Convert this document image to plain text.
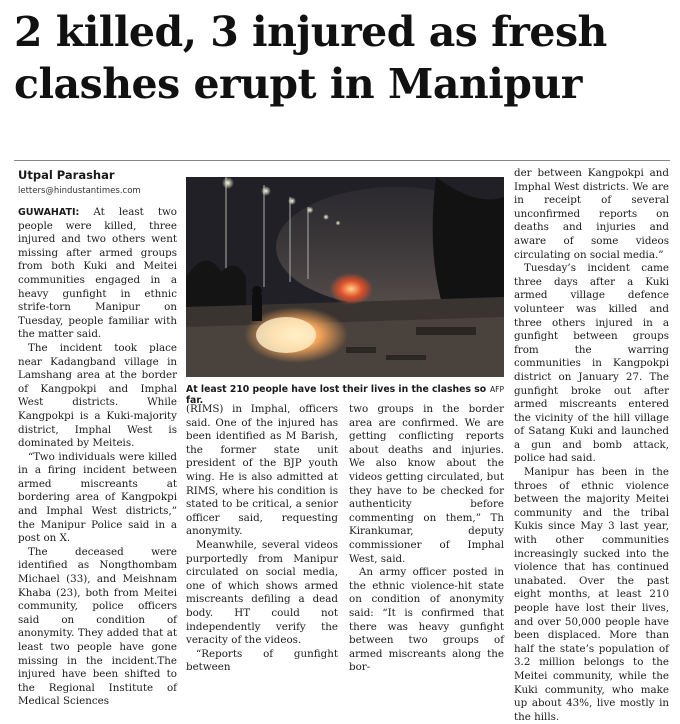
2 killed, 3 injured as fresh
clashes erupt in Manipur
Utpal Parashar
letters@hindustantimes.com

GUWAHATI: At least two people were killed, three injured and two others went missing after armed groups from both Kuki and Meitei communities engaged in a heavy gunfight in ethnic strife-torn Manipur on Tuesday, people familiar with the matter said.

The incident took place near Kadangband village in Lamshang area at the border of Kangpokpi and Imphal West districts. While Kangpokpi is a Kuki-majority district, Imphal West is dominated by Meiteis.

“Two individuals were killed in a firing incident between armed miscreants at bordering area of Kangpokpi and Imphal West districts,” the Manipur Police said in a post on X.

The deceased were identified as Nongthombam Michael (33), and Meishnam Khaba (23), both from Meitei community, police officers said on condition of anonymity. They added that at least two people have gone missing in the incident.The injured have been shifted to the Regional Institute of Medical Sciences

At least 210 people have lost their lives in the clashes so far.
AFP

(RIMS) in Imphal, officers said. One of the injured has been identified as M Barish, the former state unit president of the BJP youth wing. He is also admitted at RIMS, where his condition is stated to be critical, a senior officer said, requesting anonymity.

Meanwhile, several videos purportedly from Manipur circulated on social media, one of which shows armed miscreants defiling a dead body. HT could not independently verify the veracity of the videos.

“Reports of gunfight between

two groups in the border area are confirmed. We are getting conflicting reports about deaths and injuries. We also know about the videos getting circulated, but they have to be checked for authenticity before commenting on them,” Th Kirankumar, deputy commissioner of Imphal West, said.

An army officer posted in the ethnic violence-hit state on condition of anonymity said: “It is confirmed that there was heavy gunfight between two groups of armed miscreants along the bor-

der between Kangpokpi and Imphal West districts. We are in receipt of several unconfirmed reports on deaths and injuries and aware of some videos circulating on social media.”

Tuesday’s incident came three days after a Kuki armed village defence volunteer was killed and three others injured in a gunfight between groups from the warring communities in Kangpokpi district on January 27. The gunfight broke out after armed miscreants entered the vicinity of the hill village of Satang Kuki and launched a gun and bomb attack, police had said.

Manipur has been in the throes of ethnic violence between the majority Meitei community and the tribal Kukis since May 3 last year, with other communities increasingly sucked into the violence that has continued unabated. Over the past eight months, at least 210 people have lost their lives, and over 50,000 people have been displaced. More than half the state’s population of 3.2 million belongs to the Meitei community, while the Kuki community, who make up about 43%, live mostly in the hills.
